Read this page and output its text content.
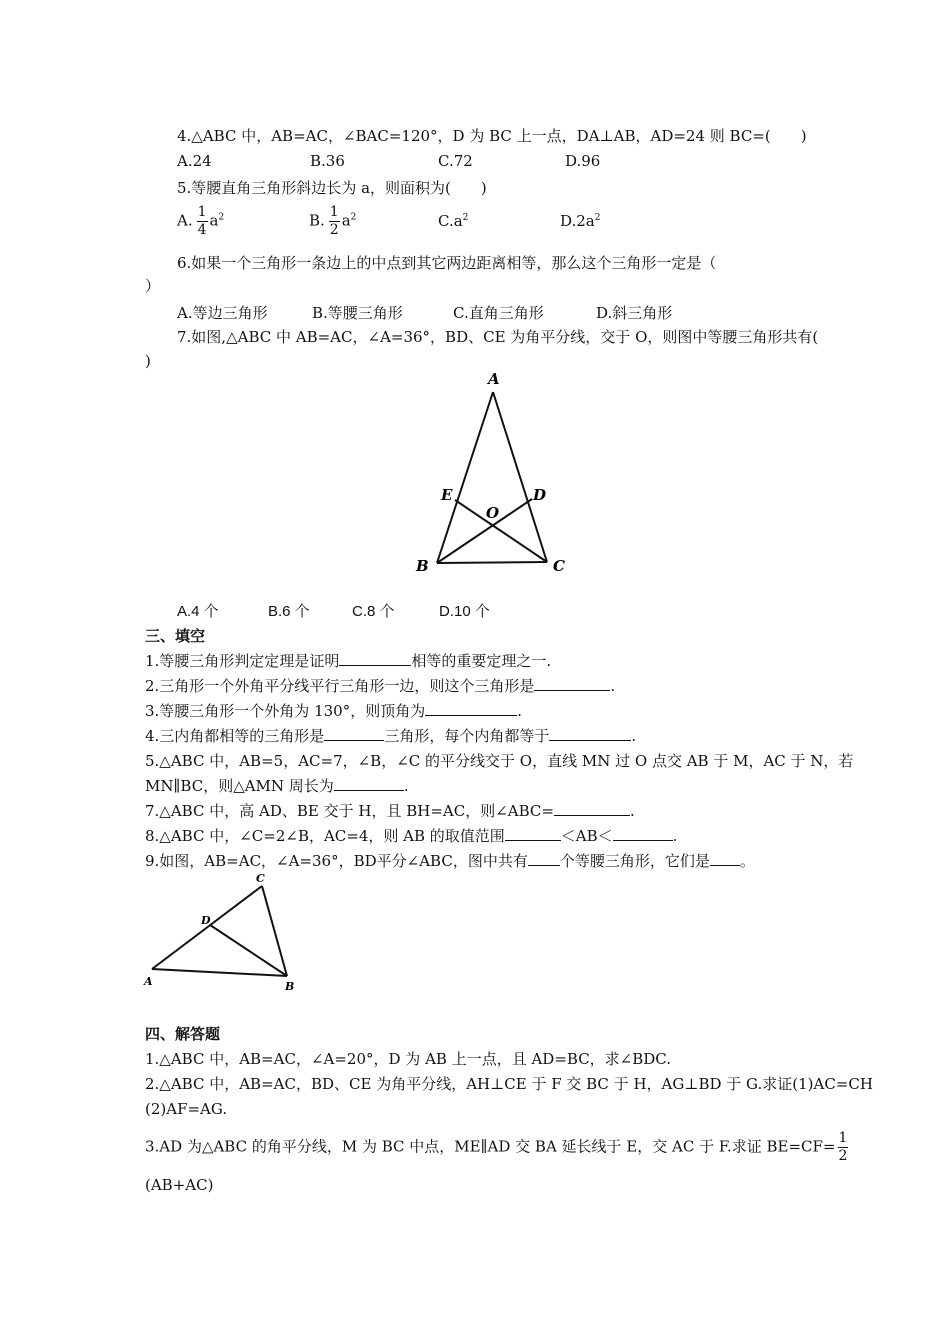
4.△ABC 中，AB=AC，∠BAC=120°，D 为 BC 上一点，DA⊥AB，AD=24 则 BC=(　　)
A.24	B.36	C.72	D.96
5.等腰直角三角形斜边长为 a，则面积为(　　)
A. $\frac{1}{4} a^2$	B. $\frac{1}{2} a^2$	$C.a^2$	$D.2a^2$
6.如果一个三角形一条边上的中点到其它两边距离相等，那么这个三角形一定是（
）
A.等边三角形	B.等腰三角形	C.直角三角形	D.斜三角形
7.如图,△ABC 中 AB=AC，∠A=36°，BD、CE 为角平分线，交于 O，则图中等腰三角形共有(
)
A
B	C
D
E
O
A.4 个	B.6 个	C.8 个	D.10 个
三、填空
1.等腰三角形判定定理是证明	相等的重要定理之一.
2.三角形一个外角平分线平行三角形一边，则这个三角形是	.
3.等腰三角形一个外角为 130°，则顶角为	.
4.三内角都相等的三角形是	三角形，每个内角都等于	.
5.△ABC 中，AB=5，AC=7，∠B，∠C 的平分线交于 O，直线 MN 过 O 点交 AB 于 M，AC 于 N，若
MN∥BC，则△AMN 周长为	.
7.△ABC 中，高 AD、BE 交于 H，且 BH=AC，则∠ABC=	.
8.△ABC 中，∠C=2∠B，AC=4，则 AB 的取值范围	＜AB＜	.
9.如图，AB=AC，∠A=36°，BD平分∠ABC，图中共有 个等腰三角形，它们是 。
A	B
C
D
四、解答题
1.△ABC 中，AB=AC，∠A=20°，D 为 AB 上一点，且 AD=BC，求∠BDC.
2.△ABC 中，AB=AC，BD、CE 为角平分线，AH⊥CE 于 F 交 BC 于 H，AG⊥BD 于 G.求证(1)AC=CH
(2)AF=AG.
3.AD 为△ABC 的角平分线，M 为 BC 中点，ME∥AD 交 BA 延长线于 E，交 AC 于 F.求证 $BE=CF= \frac{1}{2}$
(AB+AC)
